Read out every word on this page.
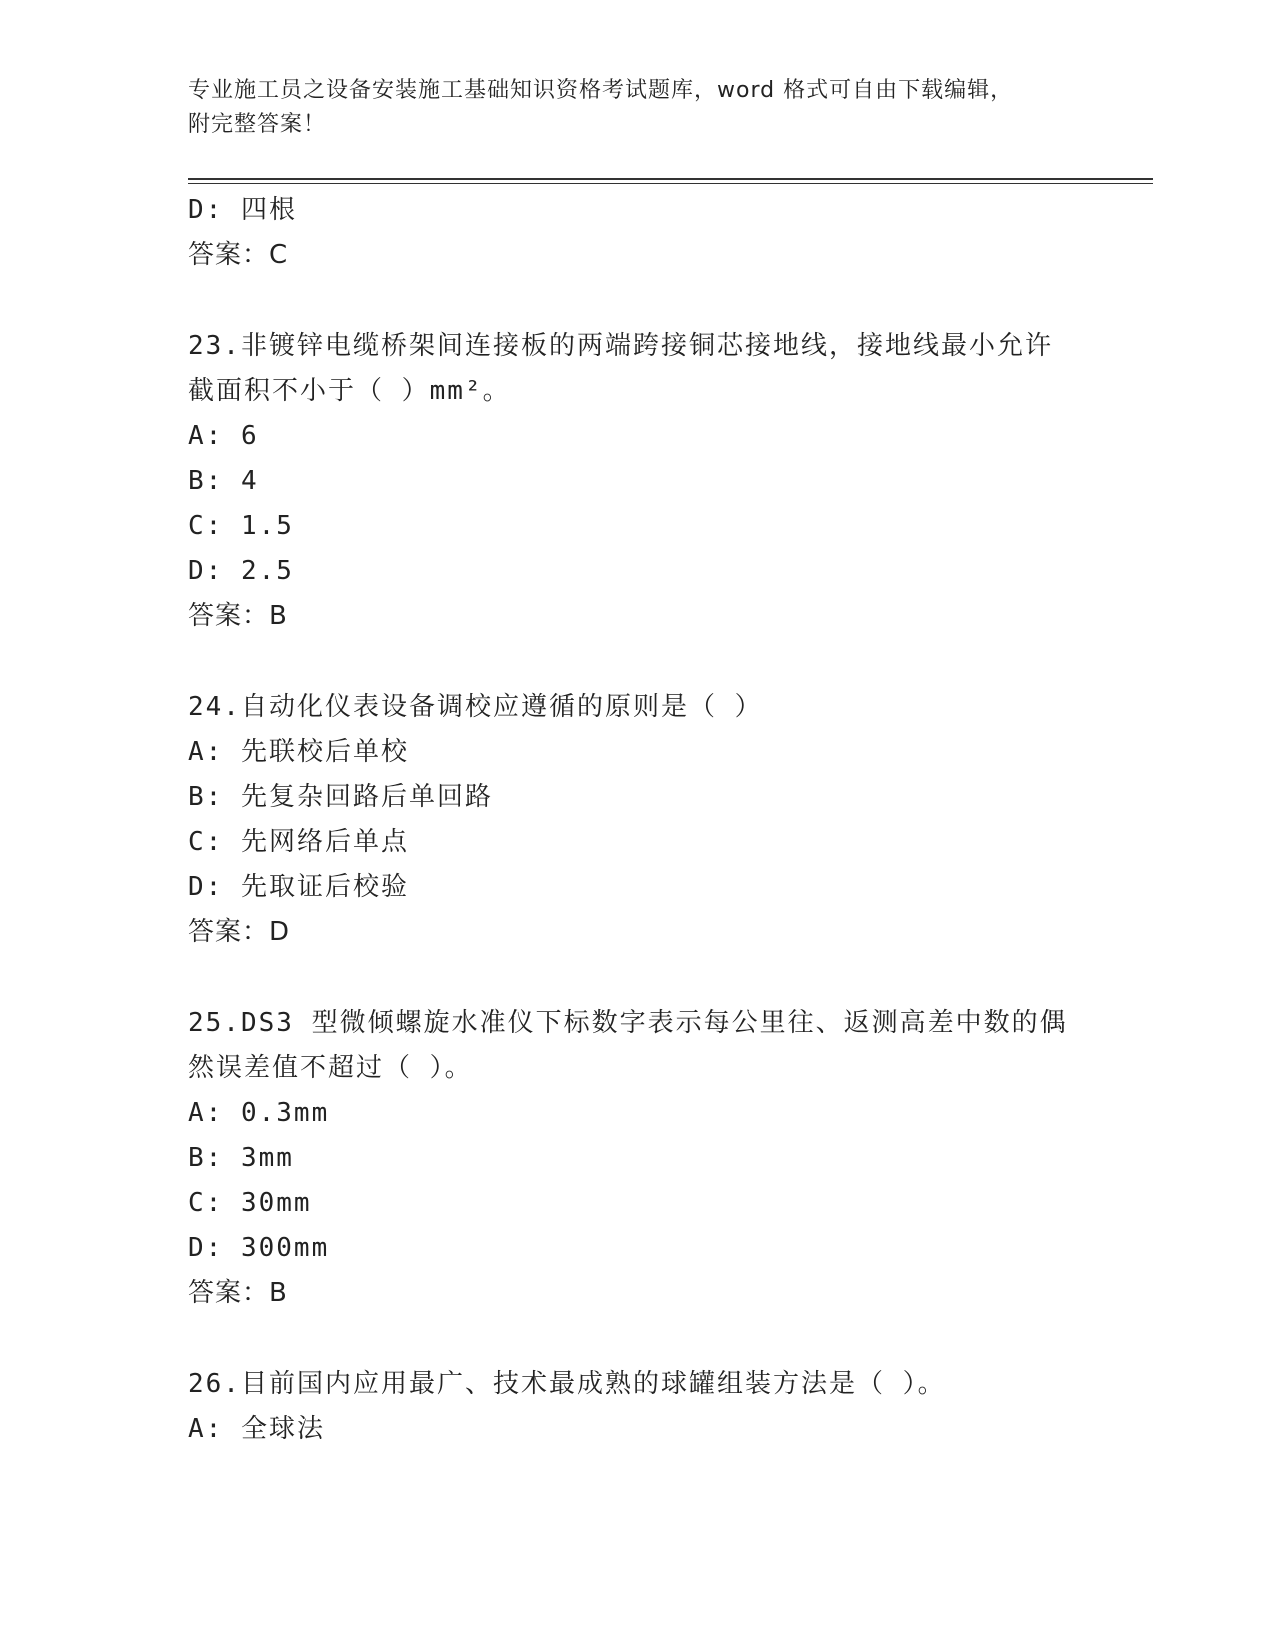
专业施工员之设备安装施工基础知识资格考试题库，word 格式可自由下载编辑，
附完整答案！
D: 四根
答案：C
23.非镀锌电缆桥架间连接板的两端跨接铜芯接地线，接地线最小允许
截面积不小于（ ）mm²。
A: 6
B: 4
C: 1.5
D: 2.5
答案：B
24.自动化仪表设备调校应遵循的原则是（ ）
A: 先联校后单校
B: 先复杂回路后单回路
C: 先网络后单点
D: 先取证后校验
答案：D
25.DS3 型微倾螺旋水准仪下标数字表示每公里往、返测高差中数的偶
然误差值不超过（ ）。
A: 0.3mm
B: 3mm
C: 30mm
D: 300mm
答案：B
26.目前国内应用最广、技术最成熟的球罐组装方法是（ ）。
A: 全球法
